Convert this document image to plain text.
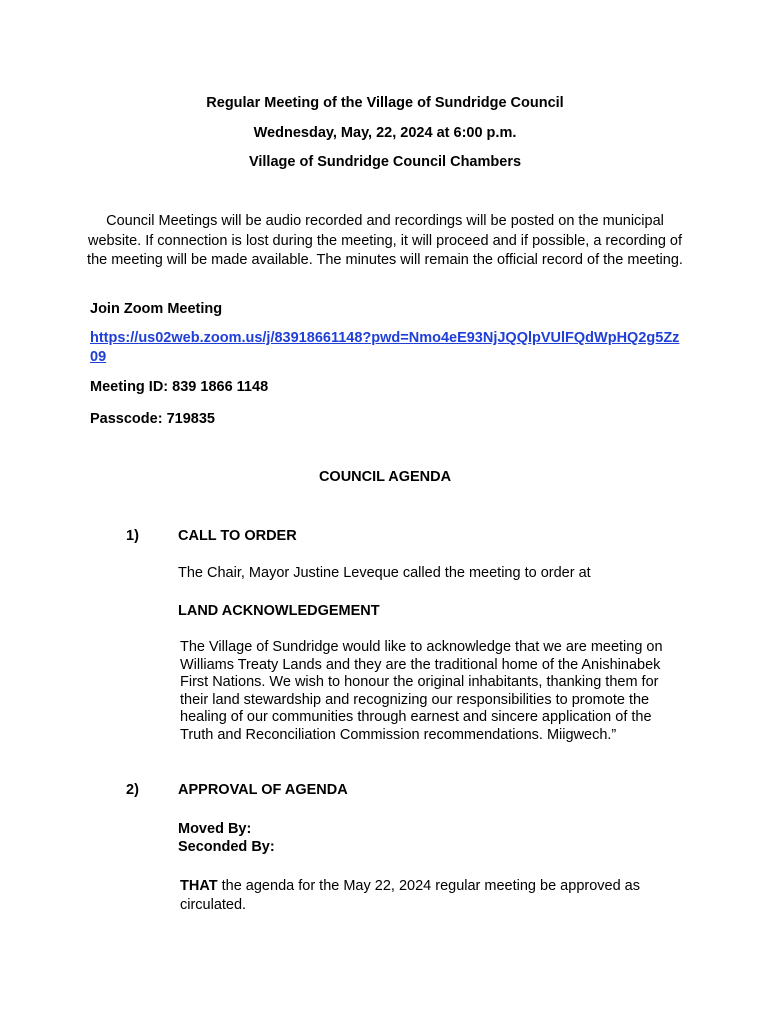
Regular Meeting of the Village of Sundridge Council
Wednesday, May, 22, 2024 at 6:00 p.m.
Village of Sundridge Council Chambers
Council Meetings will be audio recorded and recordings will be posted on the municipal website. If connection is lost during the meeting, it will proceed and if possible, a recording of the meeting will be made available. The minutes will remain the official record of the meeting.
Join Zoom Meeting
https://us02web.zoom.us/j/83918661148?pwd=Nmo4eE93NjJQQlpVUlFQdWpHQ2g5Zz09
Meeting ID: 839 1866 1148
Passcode: 719835
COUNCIL AGENDA
1)	CALL TO ORDER
The Chair, Mayor Justine Leveque called the meeting to order at
LAND ACKNOWLEDGEMENT
The Village of Sundridge would like to acknowledge that we are meeting on Williams Treaty Lands and they are the traditional home of the Anishinabek First Nations. We wish to honour the original inhabitants, thanking them for their land stewardship and recognizing our responsibilities to promote the healing of our communities through earnest and sincere application of the Truth and Reconciliation Commission recommendations. Miigwech.”
2)	APPROVAL OF AGENDA
Moved By:
Seconded By:
THAT the agenda for the May 22, 2024 regular meeting be approved as circulated.
